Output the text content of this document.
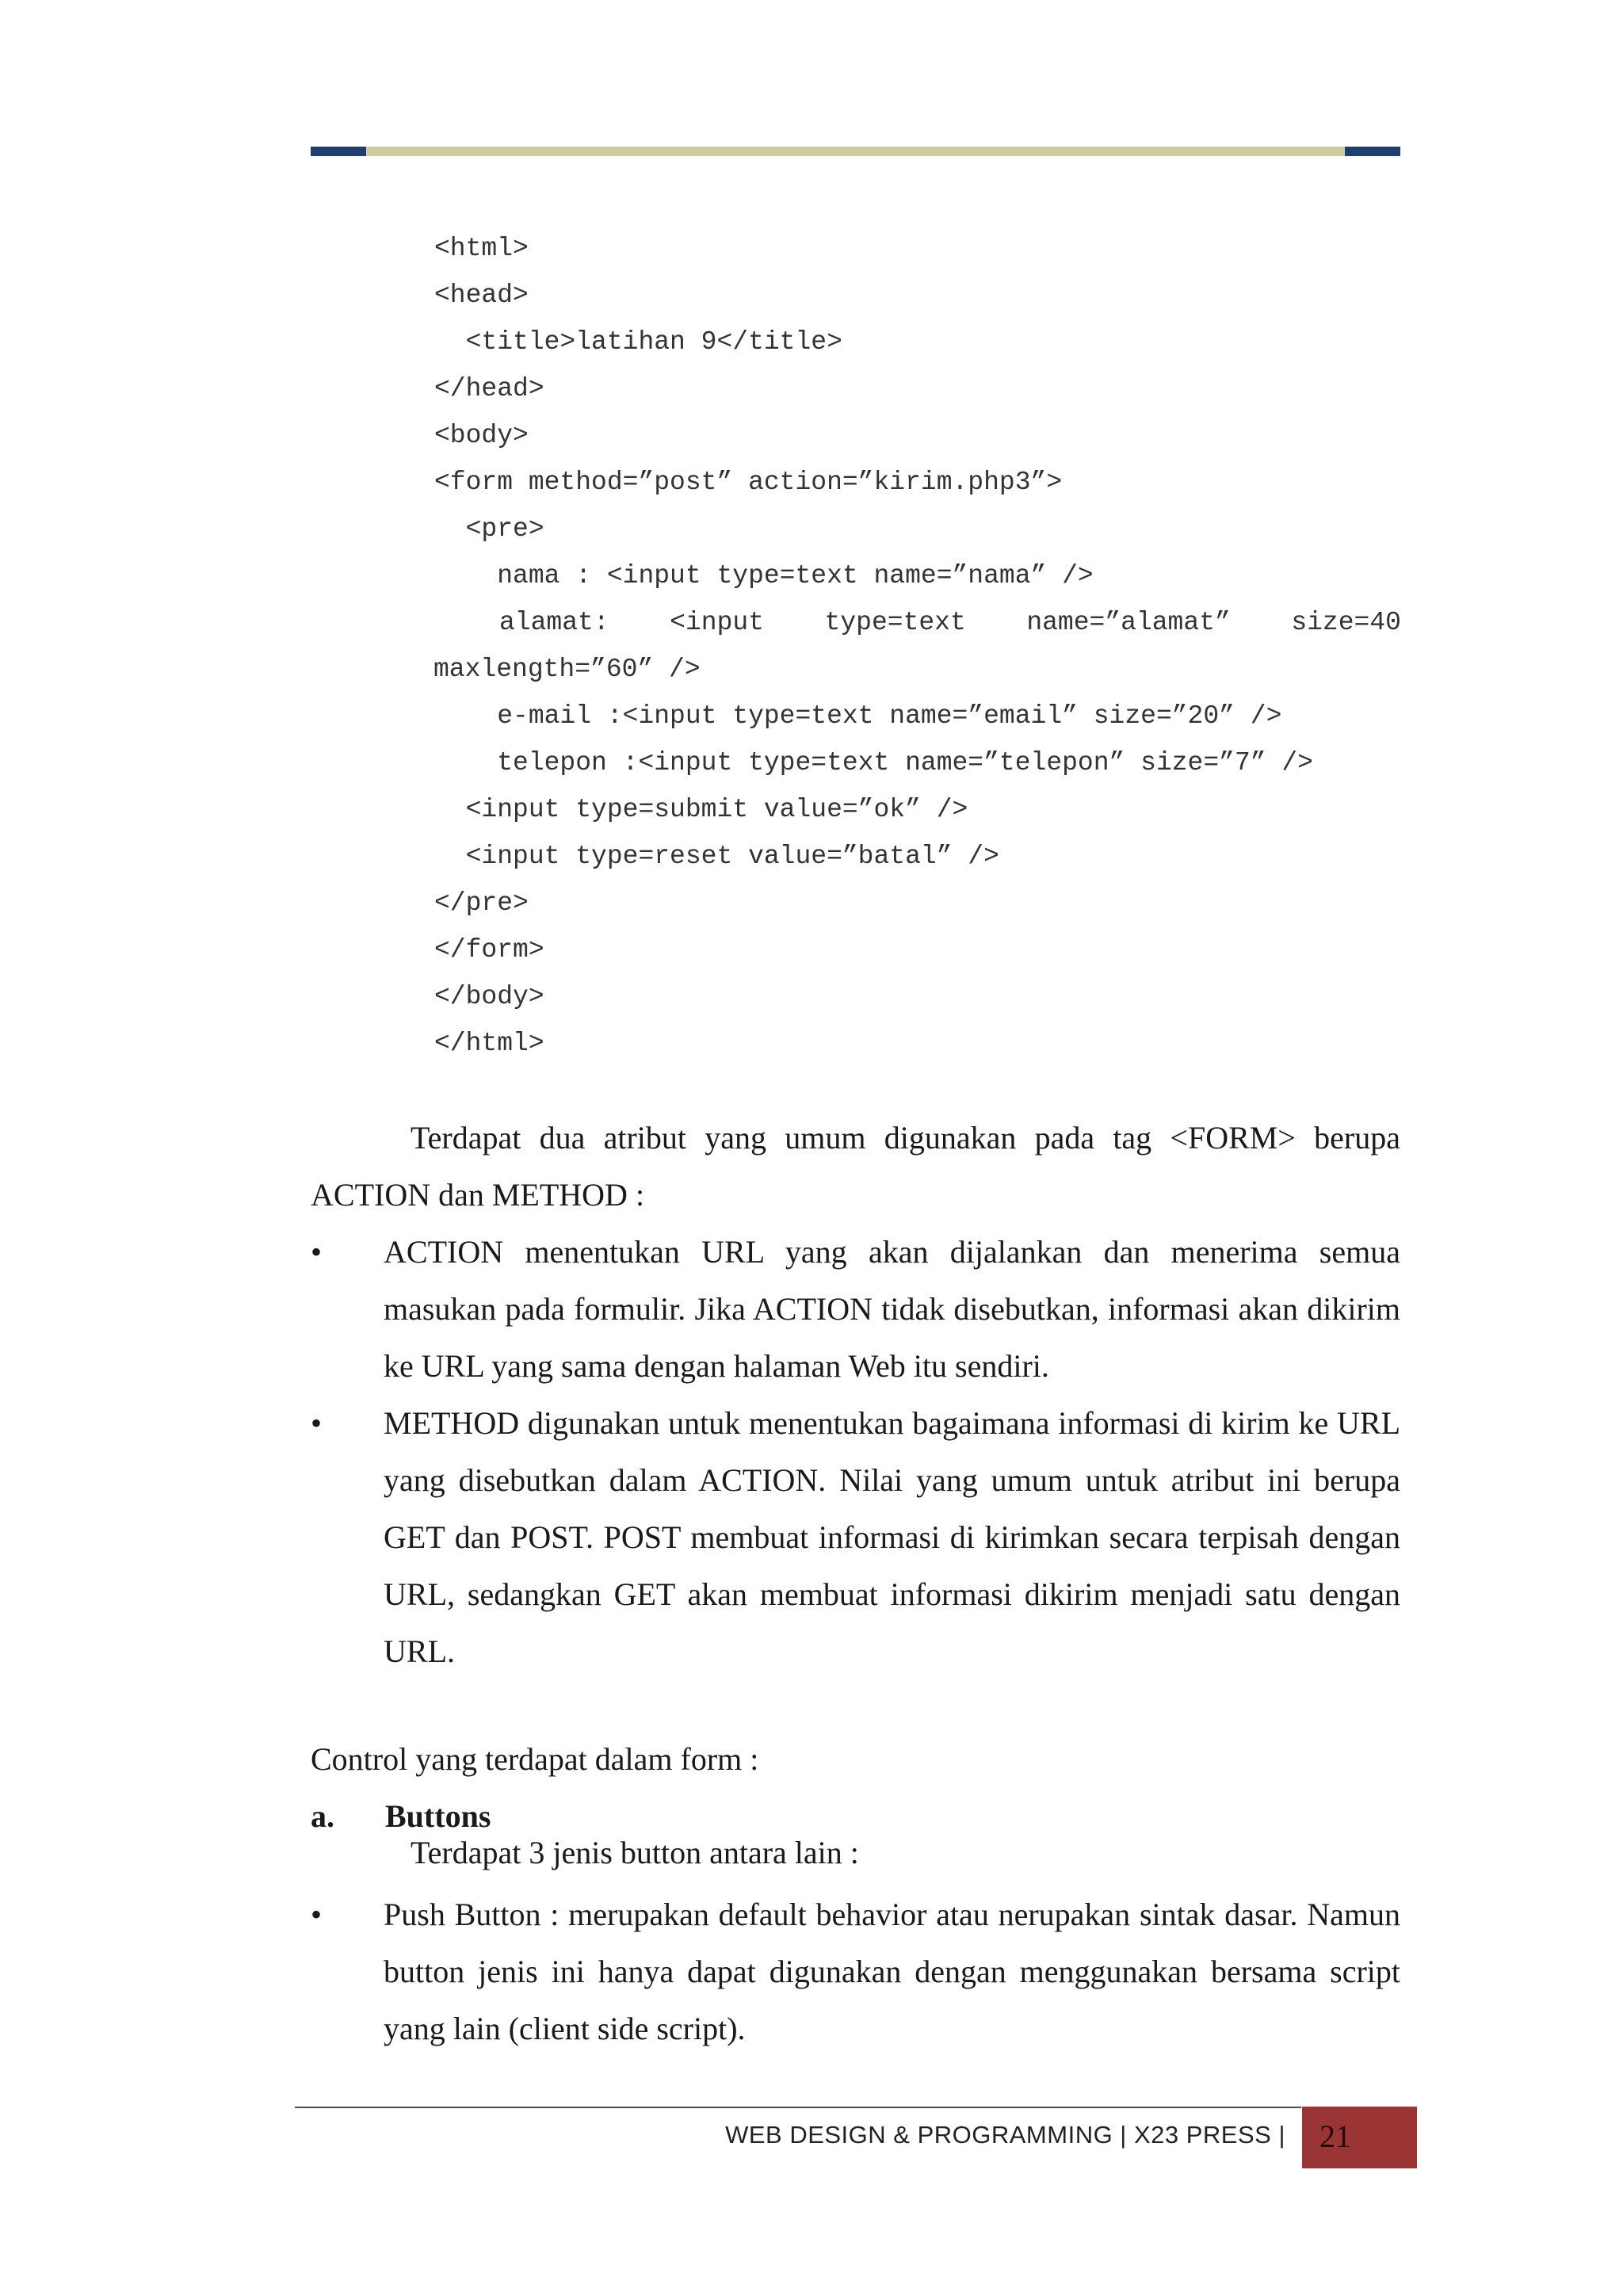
<html>
<head>
<title>latihan 9</title>
</head>
<body>
<form method=”post” action=”kirim.php3”>
<pre>
nama : <input type=text name=”nama” />
alamat: <input type=text name=”alamat” size=40
maxlength=”60” />
e-mail :<input type=text name=”email” size=”20” />
telepon :<input type=text name=”telepon” size=”7” />
<input type=submit value=”ok” />
<input type=reset value=”batal” />
</pre>
</form>
</body>
</html>
Terdapat dua atribut yang umum digunakan pada tag <FORM> berupa
ACTION dan METHOD :
•	ACTION menentukan URL yang akan dijalankan dan menerima semua masukan pada formulir. Jika ACTION tidak disebutkan, informasi akan dikirim ke URL yang sama dengan halaman Web itu sendiri.
•	METHOD digunakan untuk menentukan bagaimana informasi di kirim ke URL yang disebutkan dalam ACTION. Nilai yang umum untuk atribut ini berupa GET dan POST. POST membuat informasi di kirimkan secara terpisah dengan URL, sedangkan GET akan membuat informasi dikirim menjadi satu dengan URL.
Control yang terdapat dalam form :
a. Buttons
Terdapat 3 jenis button antara lain :
•	Push Button : merupakan default behavior atau nerupakan sintak dasar. Namun button jenis ini hanya dapat digunakan dengan menggunakan bersama script yang lain (client side script).
WEB DESIGN & PROGRAMMING | X23 PRESS | 21
